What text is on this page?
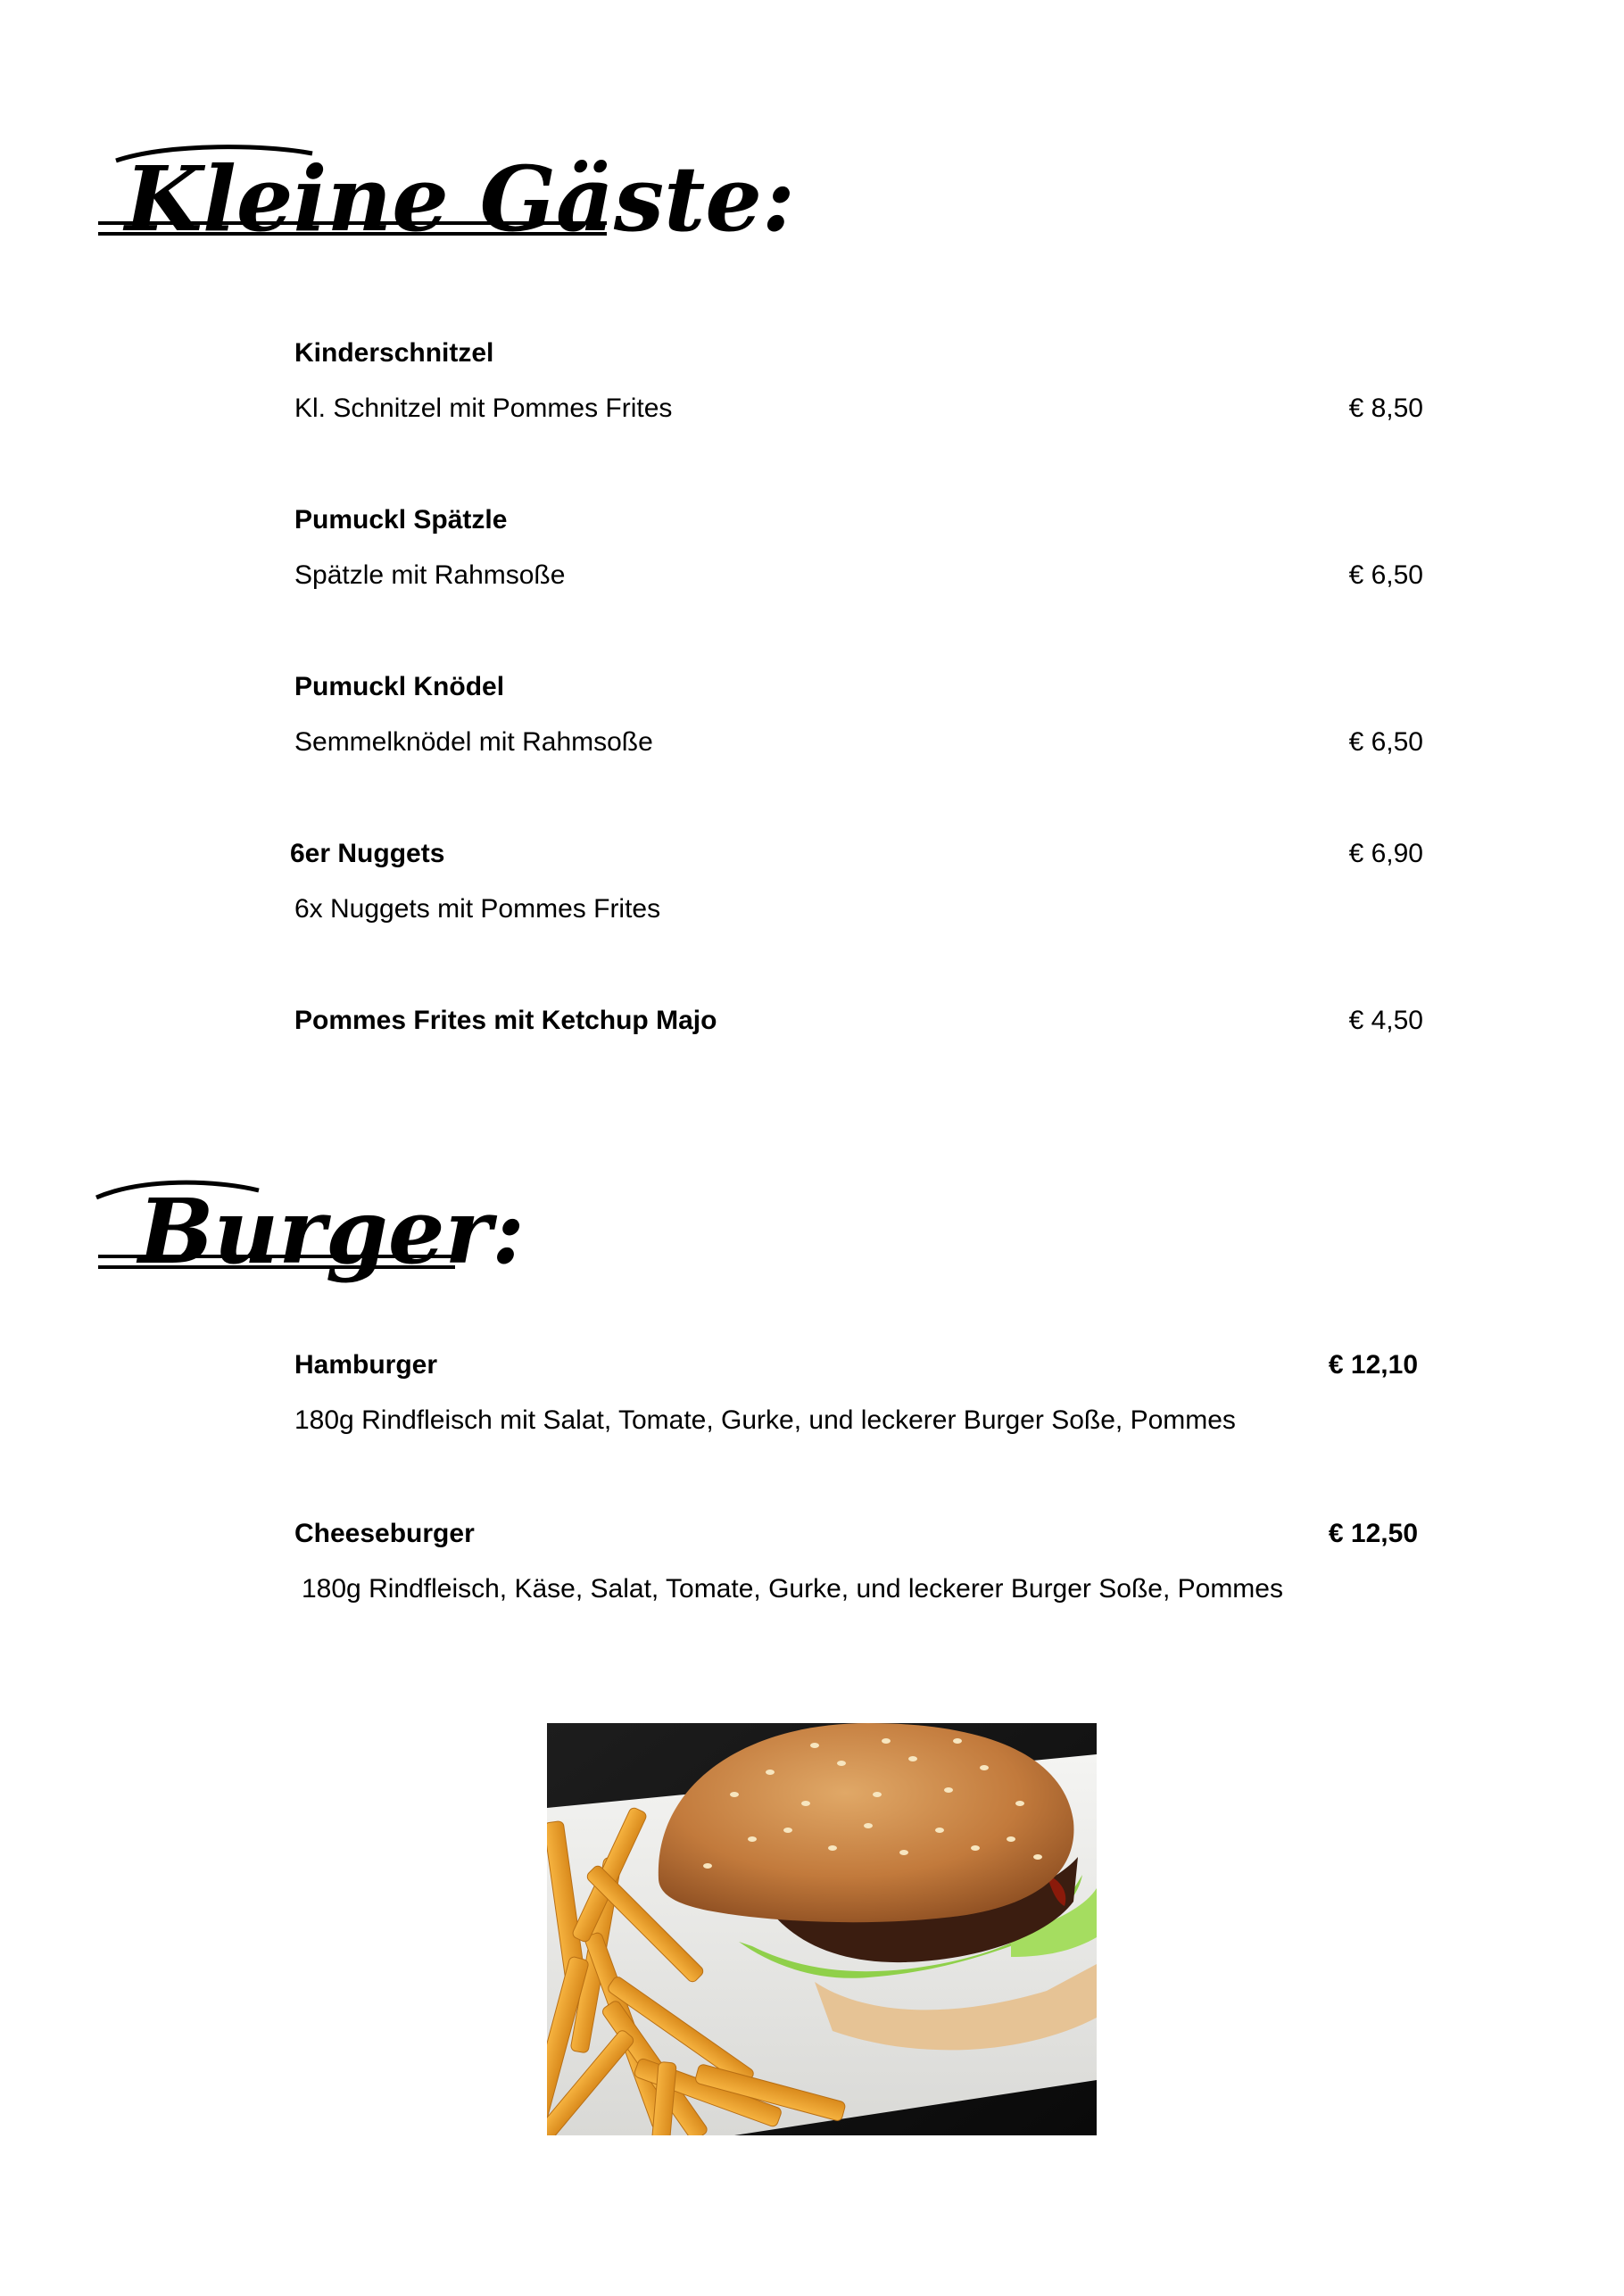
Kleine Gäste:
Kinderschnitzel
Kl. Schnitzel mit Pommes Frites	€ 8,50
Pumuckl Spätzle
Spätzle mit Rahmsoße	€ 6,50
Pumuckl Knödel
Semmelknödel mit Rahmsoße	€ 6,50
6er Nuggets	€ 6,90
6x Nuggets mit Pommes Frites
Pommes Frites mit Ketchup Majo	€ 4,50
Burger:
Hamburger	€ 12,10
180g Rindfleisch mit Salat, Tomate, Gurke, und leckerer Burger Soße, Pommes
Cheeseburger	€ 12,50
180g Rindfleisch, Käse, Salat, Tomate, Gurke, und leckerer Burger Soße, Pommes
